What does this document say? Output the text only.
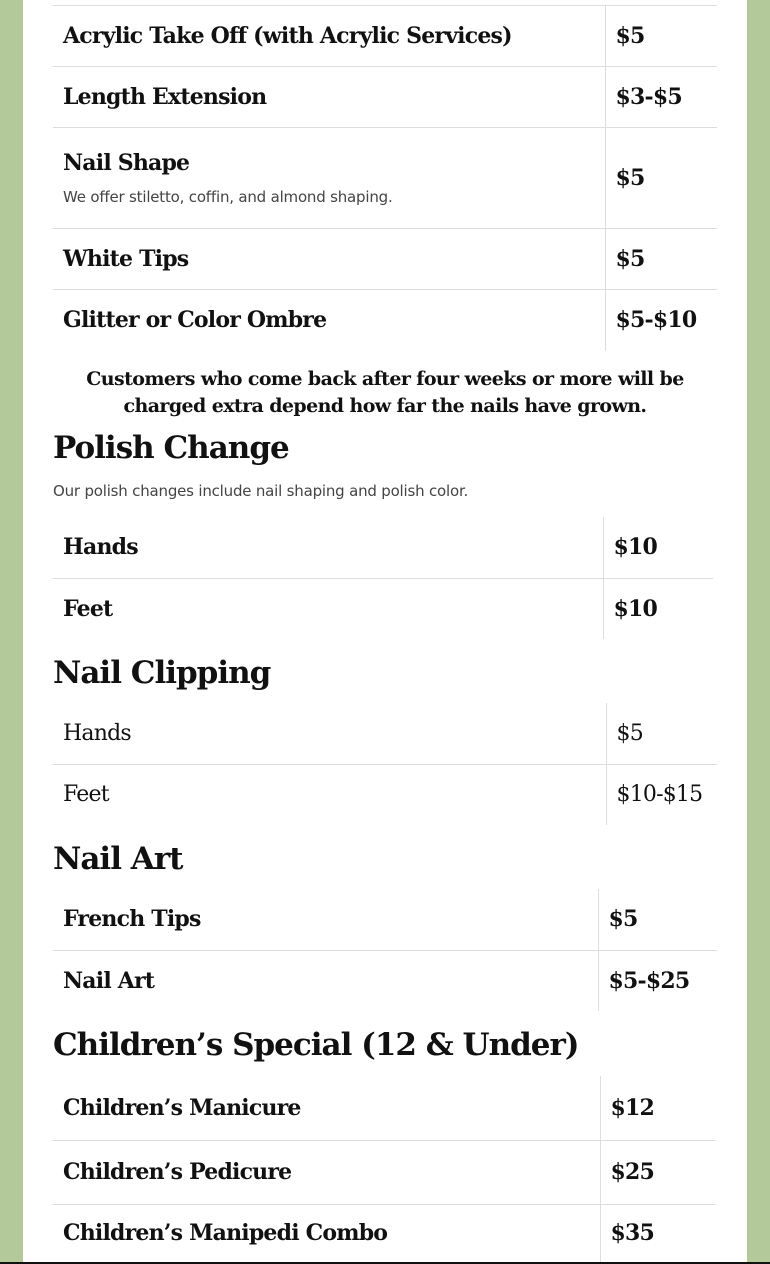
Acrylic Take Off (with Acrylic Services)	$5
Length Extension	$3-$5
Nail Shape
We offer stiletto, coffin, and almond shaping.	$5
White Tips	$5
Glitter or Color Ombre	$5-$10
Customers who come back after four weeks or more will be charged extra depend how far the nails have grown.
Polish Change
Our polish changes include nail shaping and polish color.
Hands	$10
Feet	$10
Nail Clipping
Hands	$5
Feet	$10-$15
Nail Art
French Tips	$5
Nail Art	$5-$25
Children’s Special (12 & Under)
Children’s Manicure	$12
Children’s Pedicure	$25
Children’s Manipedi Combo	$35
